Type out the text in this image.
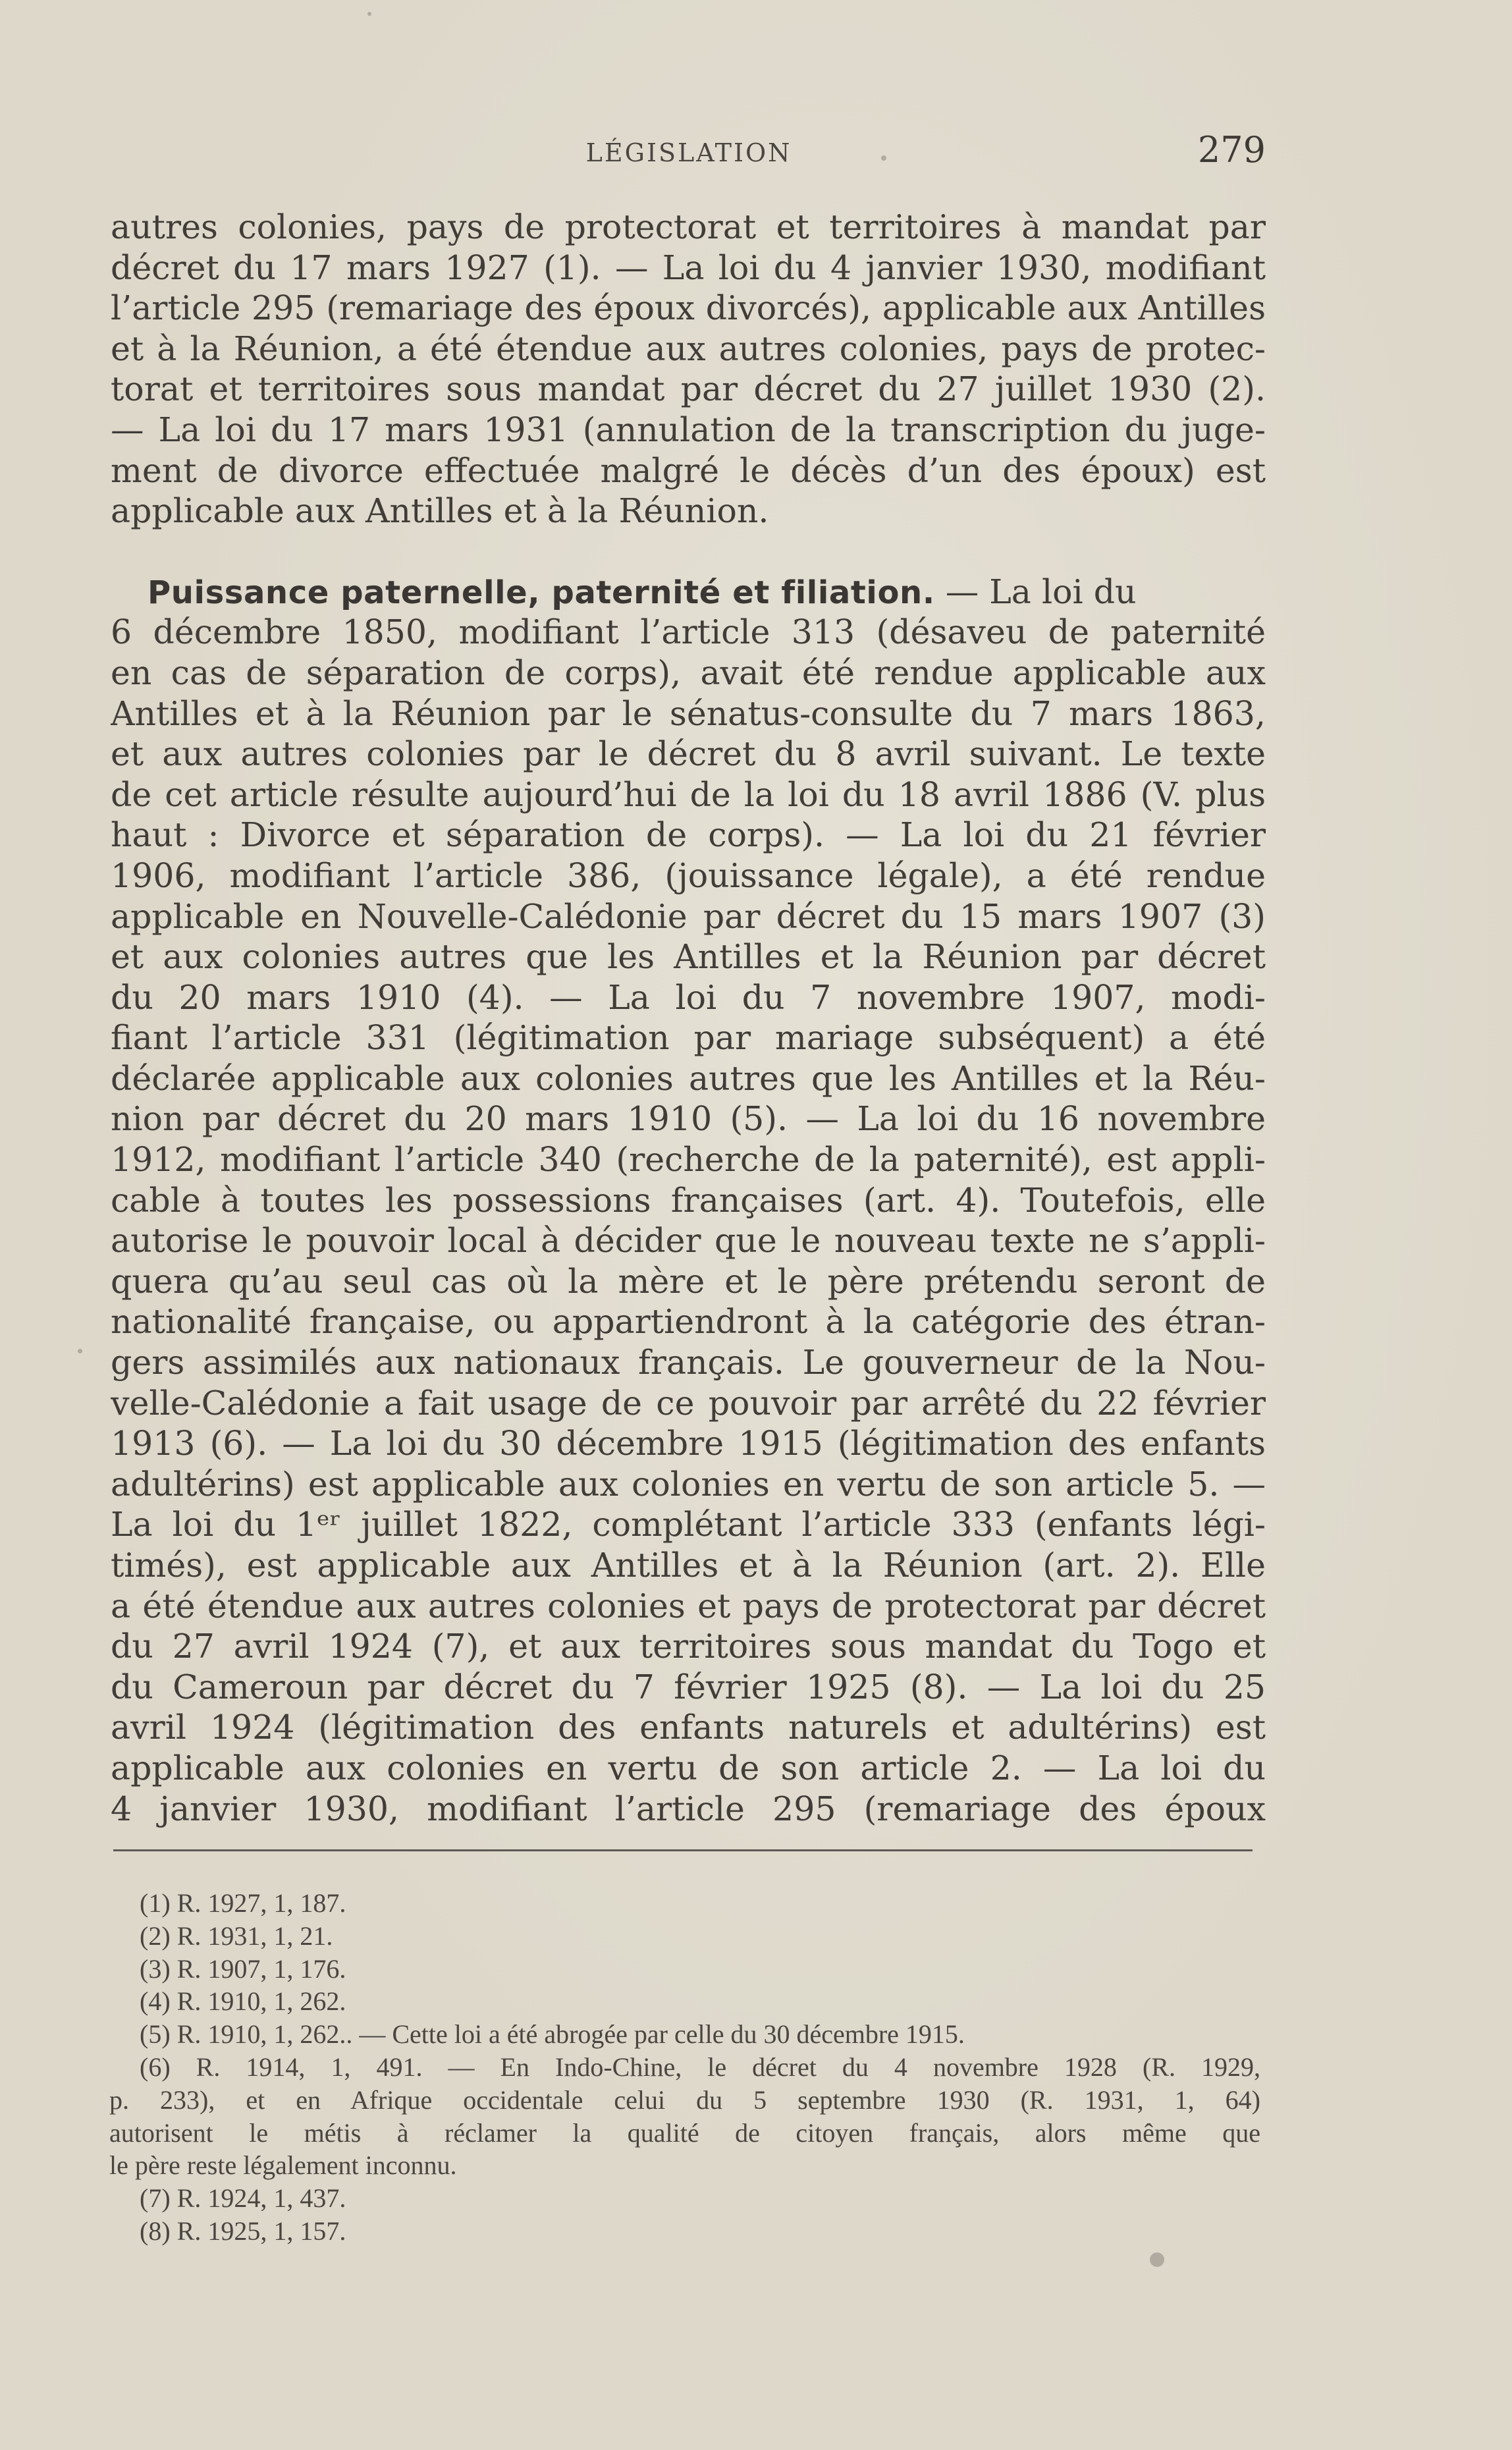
LÉGISLATION	279
autres colonies, pays de protectorat et territoires à mandat par
décret du 17 mars 1927 (1). — La loi du 4 janvier 1930, modifiant
l’article 295 (remariage des époux divorcés), applicable aux Antilles
et à la Réunion, a été étendue aux autres colonies, pays de protec-
torat et territoires sous mandat par décret du 27 juillet 1930 (2).
— La loi du 17 mars 1931 (annulation de la transcription du juge-
ment de divorce effectuée malgré le décès d’un des époux) est
applicable aux Antilles et à la Réunion.
Puissance paternelle, paternité et filiation. — La loi du
6 décembre 1850, modifiant l’article 313 (désaveu de paternité
en cas de séparation de corps), avait été rendue applicable aux
Antilles et à la Réunion par le sénatus-consulte du 7 mars 1863,
et aux autres colonies par le décret du 8 avril suivant. Le texte
de cet article résulte aujourd’hui de la loi du 18 avril 1886 (V. plus
haut : Divorce et séparation de corps). — La loi du 21 février
1906, modifiant l’article 386, (jouissance légale), a été rendue
applicable en Nouvelle-Calédonie par décret du 15 mars 1907 (3)
et aux colonies autres que les Antilles et la Réunion par décret
du 20 mars 1910 (4). — La loi du 7 novembre 1907, modi-
fiant l’article 331 (légitimation par mariage subséquent) a été
déclarée applicable aux colonies autres que les Antilles et la Réu-
nion par décret du 20 mars 1910 (5). — La loi du 16 novembre
1912, modifiant l’article 340 (recherche de la paternité), est appli-
cable à toutes les possessions françaises (art. 4). Toutefois, elle
autorise le pouvoir local à décider que le nouveau texte ne s’appli-
quera qu’au seul cas où la mère et le père prétendu seront de
nationalité française, ou appartiendront à la catégorie des étran-
gers assimilés aux nationaux français. Le gouverneur de la Nou-
velle-Calédonie a fait usage de ce pouvoir par arrêté du 22 février
1913 (6). — La loi du 30 décembre 1915 (légitimation des enfants
adultérins) est applicable aux colonies en vertu de son article 5. —
La loi du 1ᵉʳ juillet 1822, complétant l’article 333 (enfants légi-
timés), est applicable aux Antilles et à la Réunion (art. 2). Elle
a été étendue aux autres colonies et pays de protectorat par décret
du 27 avril 1924 (7), et aux territoires sous mandat du Togo et
du Cameroun par décret du 7 février 1925 (8). — La loi du 25
avril 1924 (légitimation des enfants naturels et adultérins) est
applicable aux colonies en vertu de son article 2. — La loi du
4 janvier 1930, modifiant l’article 295 (remariage des époux
(1) R. 1927, 1, 187.
(2) R. 1931, 1, 21.
(3) R. 1907, 1, 176.
(4) R. 1910, 1, 262.
(5) R. 1910, 1, 262.. — Cette loi a été abrogée par celle du 30 décembre 1915.
(6) R. 1914, 1, 491. — En Indo-Chine, le décret du 4 novembre 1928 (R. 1929,
p. 233), et en Afrique occidentale celui du 5 septembre 1930 (R. 1931, 1, 64)
autorisent le métis à réclamer la qualité de citoyen français, alors même que
le père reste légalement inconnu.
(7) R. 1924, 1, 437.
(8) R. 1925, 1, 157.
